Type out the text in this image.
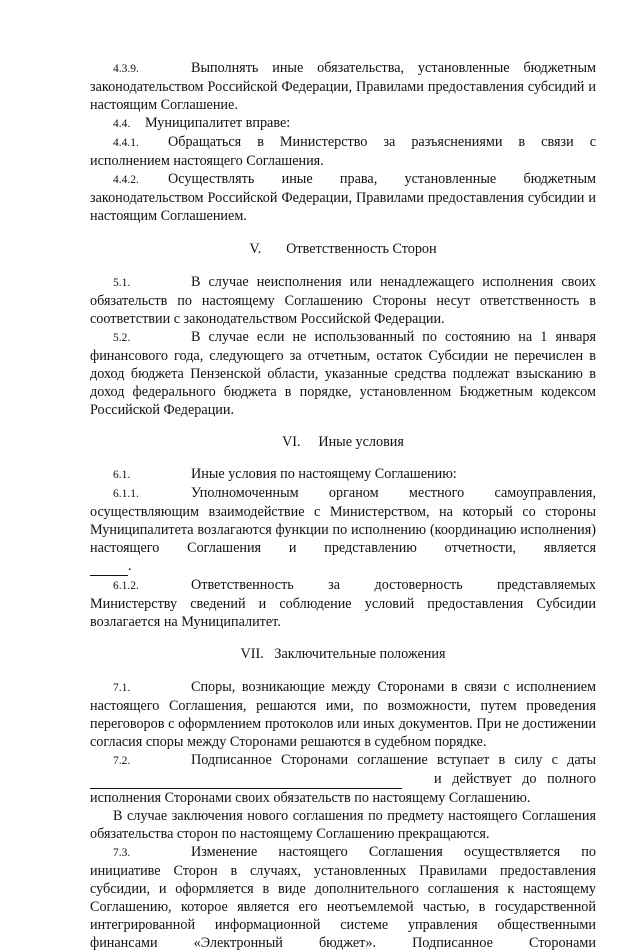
4.3.9.	Выполнять иные обязательства, установленные бюджетным
законодательством Российской Федерации, Правилами предоставления субсидий и настоящим Соглашение.
4.4. Муниципалитет вправе:
4.4.1. Обращаться в Министерство за разъяснениями в связи с
исполнением настоящего Соглашения.
4.4.2. Осуществлять иные права, установленные бюджетным
законодательством Российской Федерации, Правилами предоставления субсидии и настоящим Соглашением.
V. Ответственность Сторон
5.1.	В случае неисполнения или ненадлежащего исполнения своих
обязательств по настоящему Соглашению Стороны несут ответственность в соответствии с законодательством Российской Федерации.
5.2.	В случае если не использованный по состоянию на 1 января
финансового года, следующего за отчетным, остаток Субсидии не перечислен в доход бюджета Пензенской области, указанные средства подлежат взысканию в доход федерального бюджета в порядке, установленном Бюджетным кодексом Российской Федерации.
VI. Иные условия
6.1.	Иные условия по настоящему Соглашению:
6.1.1.	Уполномоченным органом местного самоуправления,
осуществляющим взаимодействие с Министерством, на который со стороны Муниципалитета возлагаются функции по исполнению (координацию исполнения) настоящего Соглашения и представлению отчетности, является
.
6.1.2.	Ответственность за достоверность представляемых
Министерству сведений и соблюдение условий предоставления Субсидии возлагается на Муниципалитет.
VII. Заключительные положения
7.1.	Споры, возникающие между Сторонами в связи с исполнением
настоящего Соглашения, решаются ими, по возможности, путем проведения переговоров с оформлением протоколов или иных документов. При не достижении согласия споры между Сторонами решаются в судебном порядке.
7.2.	Подписанное Сторонами соглашение вступает в силу с даты
и действует до полного
исполнения Сторонами своих обязательств по настоящему Соглашению.
В случае заключения нового соглашения по предмету настоящего Соглашения обязательства сторон по настоящему Соглашению прекращаются.
7.3.	Изменение настоящего Соглашения осуществляется по
инициативе Сторон в случаях, установленных Правилами предоставления субсидии, и оформляется в виде дополнительного соглашения к настоящему Соглашению, которое является его неотъемлемой частью, в государственной интегрированной информационной системе управления общественными финансами «Электронный бюджет». Подписанное Сторонами
